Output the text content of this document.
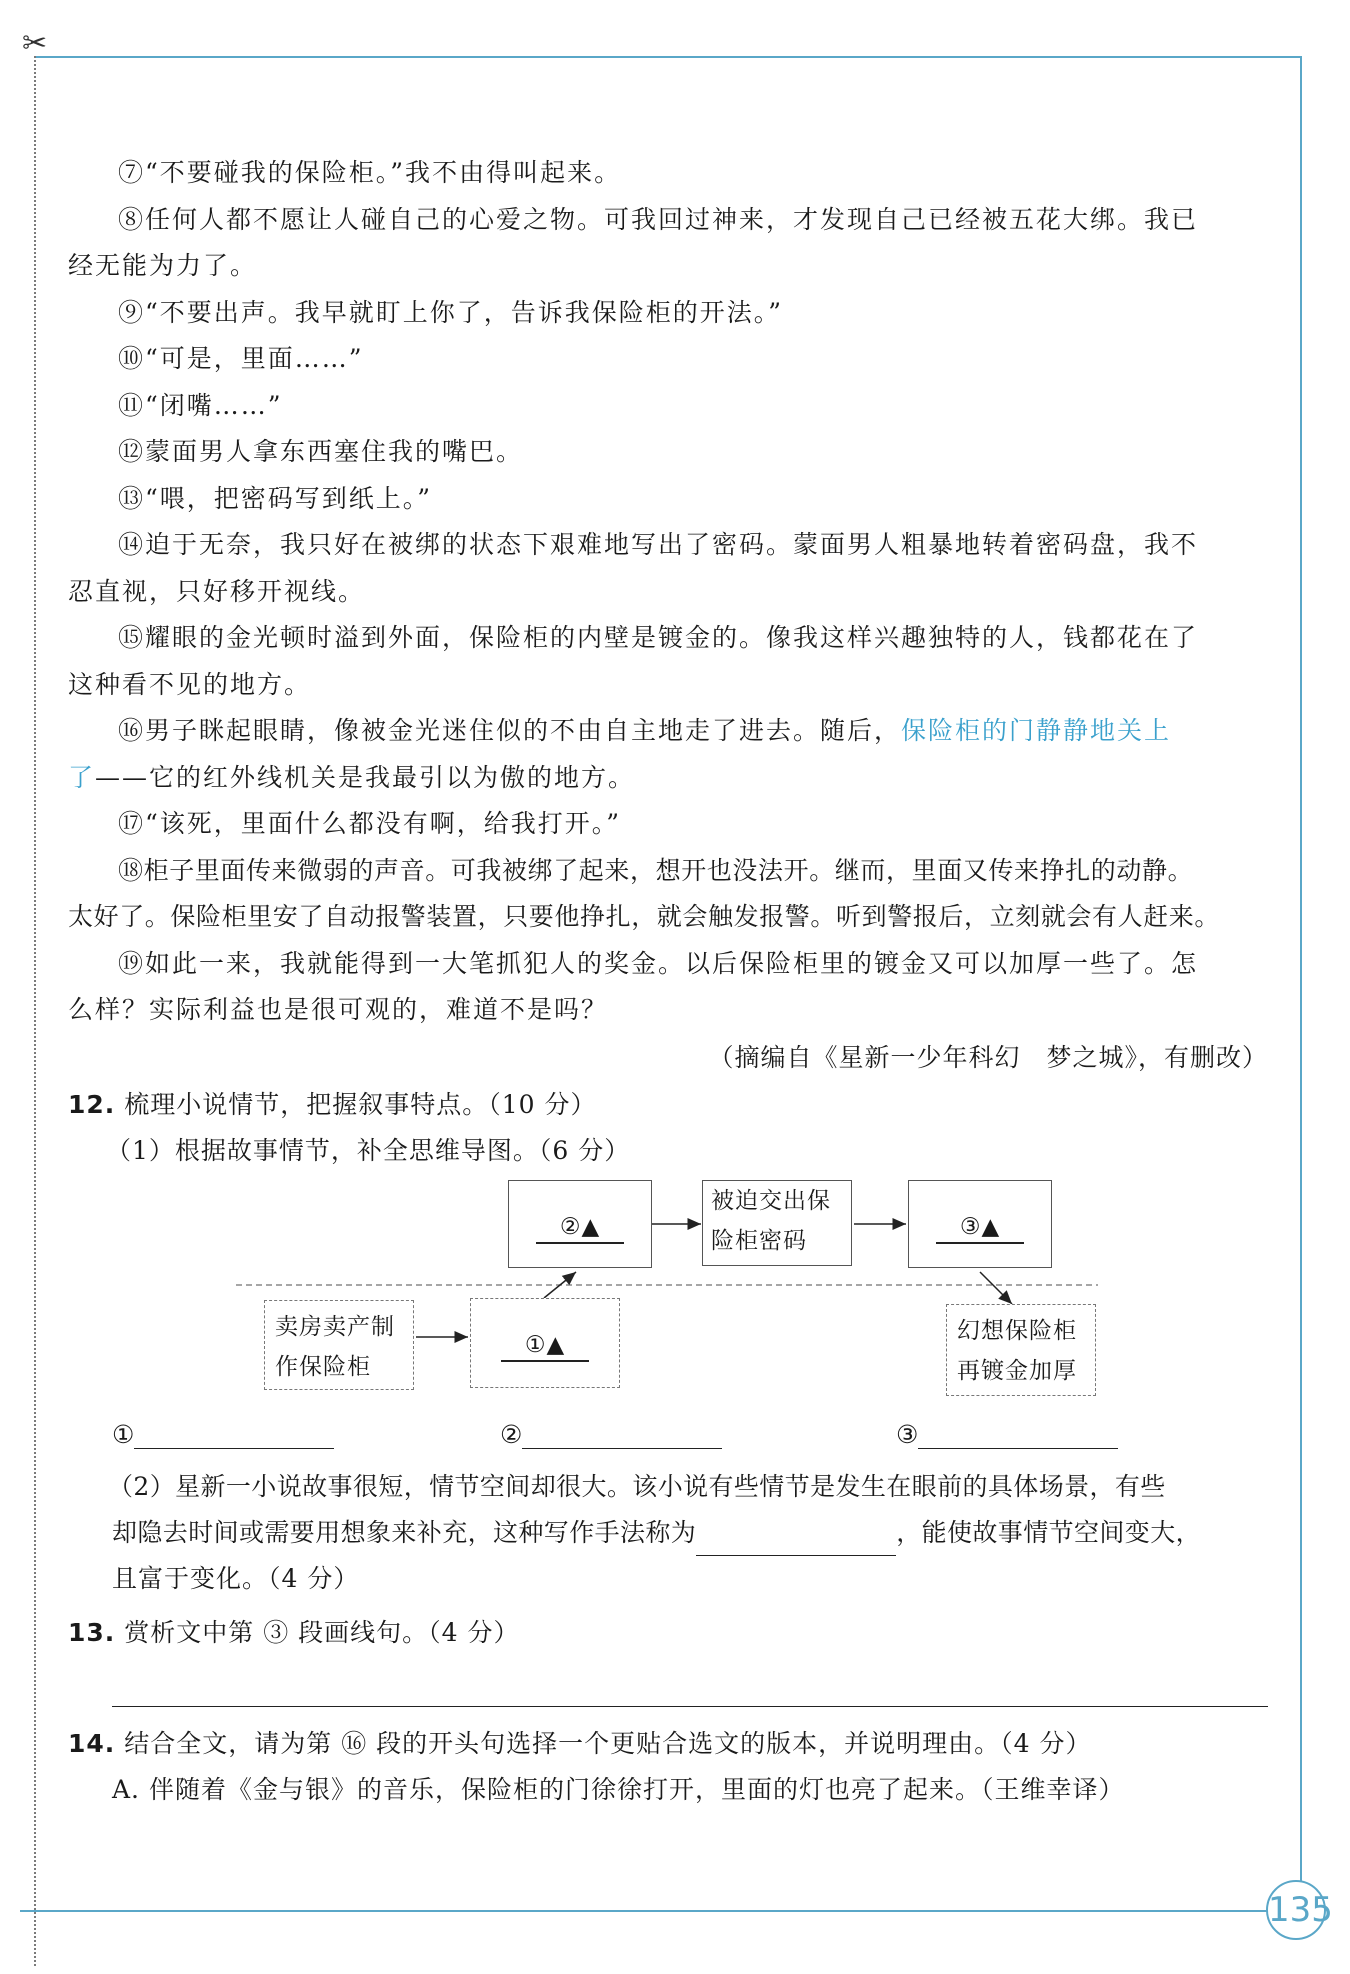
✂
135

⑦“不要碰我的保险柜。”我不由得叫起来。

⑧任何人都不愿让人碰自己的心爱之物。可我回过神来，才发现自己已经被五花大绑。我已

经无能为力了。

⑨“不要出声。我早就盯上你了，告诉我保险柜的开法。”

⑩“可是，里面……”

⑪“闭嘴……”

⑫蒙面男人拿东西塞住我的嘴巴。

⑬“喂，把密码写到纸上。”

⑭迫于无奈，我只好在被绑的状态下艰难地写出了密码。蒙面男人粗暴地转着密码盘，我不

忍直视，只好移开视线。

⑮耀眼的金光顿时溢到外面，保险柜的内壁是镀金的。像我这样兴趣独特的人，钱都花在了

这种看不见的地方。

⑯男子眯起眼睛，像被金光迷住似的不由自主地走了进去。随后，保险柜的门静静地关上

了——它的红外线机关是我最引以为傲的地方。

⑰“该死，里面什么都没有啊，给我打开。”

⑱柜子里面传来微弱的声音。可我被绑了起来，想开也没法开。继而，里面又传来挣扎的动静。

太好了。保险柜里安了自动报警装置，只要他挣扎，就会触发报警。听到警报后，立刻就会有人赶来。

⑲如此一来，我就能得到一大笔抓犯人的奖金。以后保险柜里的镀金又可以加厚一些了。怎

么样？实际利益也是很可观的，难道不是吗？

（摘编自《星新一少年科幻　梦之城》，有删改）

12. 梳理小说情节，把握叙事特点。（10 分）

（1）根据故事情节，补全思维导图。（6 分）

②▲
被迫交出保险柜密码
③▲
卖房卖产制作保险柜
①▲
幻想保险柜再镀金加厚
①	②	③

（2）星新一小说故事很短，情节空间却很大。该小说有些情节是发生在眼前的具体场景，有些

却隐去时间或需要用想象来补充，这种写作手法称为	，能使故事情节空间变大，

且富于变化。（4 分）

13. 赏析文中第 ③ 段画线句。（4 分）

14. 结合全文，请为第 ⑯ 段的开头句选择一个更贴合选文的版本，并说明理由。（4 分）

A. 伴随着《金与银》的音乐，保险柜的门徐徐打开，里面的灯也亮了起来。（王维幸译）
